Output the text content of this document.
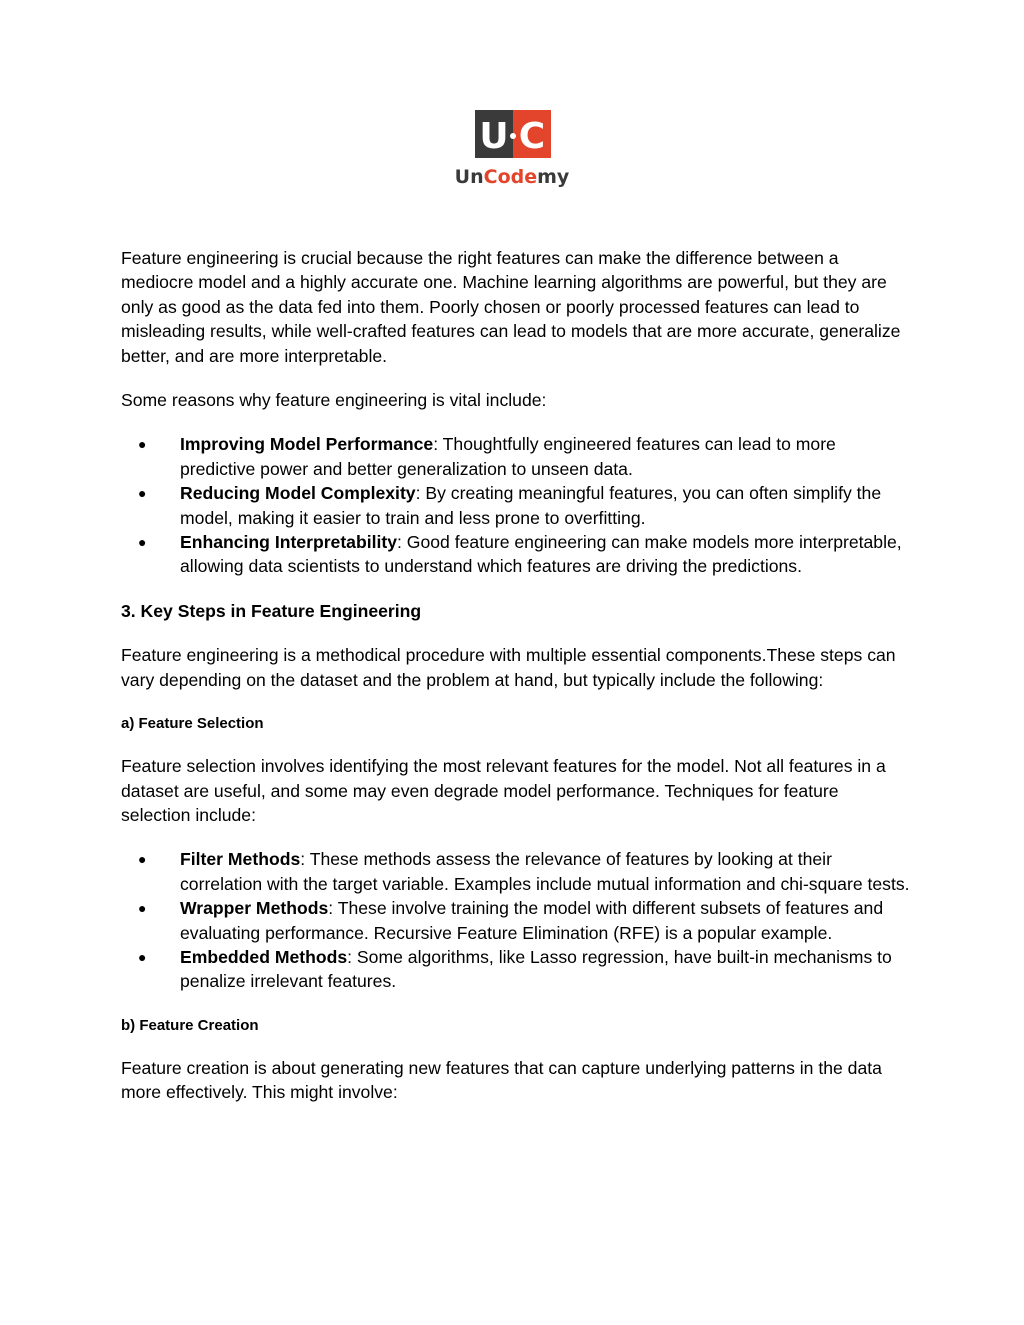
U C
UnCodemy

Feature engineering is crucial because the right features can make the difference between a mediocre model and a highly accurate one. Machine learning algorithms are powerful, but they are only as good as the data fed into them. Poorly chosen or poorly processed features can lead to misleading results, while well-crafted features can lead to models that are more accurate, generalize better, and are more interpretable.

Some reasons why feature engineering is vital include:

● Improving Model Performance: Thoughtfully engineered features can lead to more predictive power and better generalization to unseen data.
● Reducing Model Complexity: By creating meaningful features, you can often simplify the model, making it easier to train and less prone to overfitting.
● Enhancing Interpretability: Good feature engineering can make models more interpretable, allowing data scientists to understand which features are driving the predictions.
3. Key Steps in Feature Engineering

Feature engineering is a methodical procedure with multiple essential components.These steps can vary depending on the dataset and the problem at hand, but typically include the following:

a) Feature Selection

Feature selection involves identifying the most relevant features for the model. Not all features in a dataset are useful, and some may even degrade model performance. Techniques for feature selection include:

● Filter Methods: These methods assess the relevance of features by looking at their correlation with the target variable. Examples include mutual information and chi-square tests.
● Wrapper Methods: These involve training the model with different subsets of features and evaluating performance. Recursive Feature Elimination (RFE) is a popular example.
● Embedded Methods: Some algorithms, like Lasso regression, have built-in mechanisms to penalize irrelevant features.
b) Feature Creation

Feature creation is about generating new features that can capture underlying patterns in the data more effectively. This might involve:
